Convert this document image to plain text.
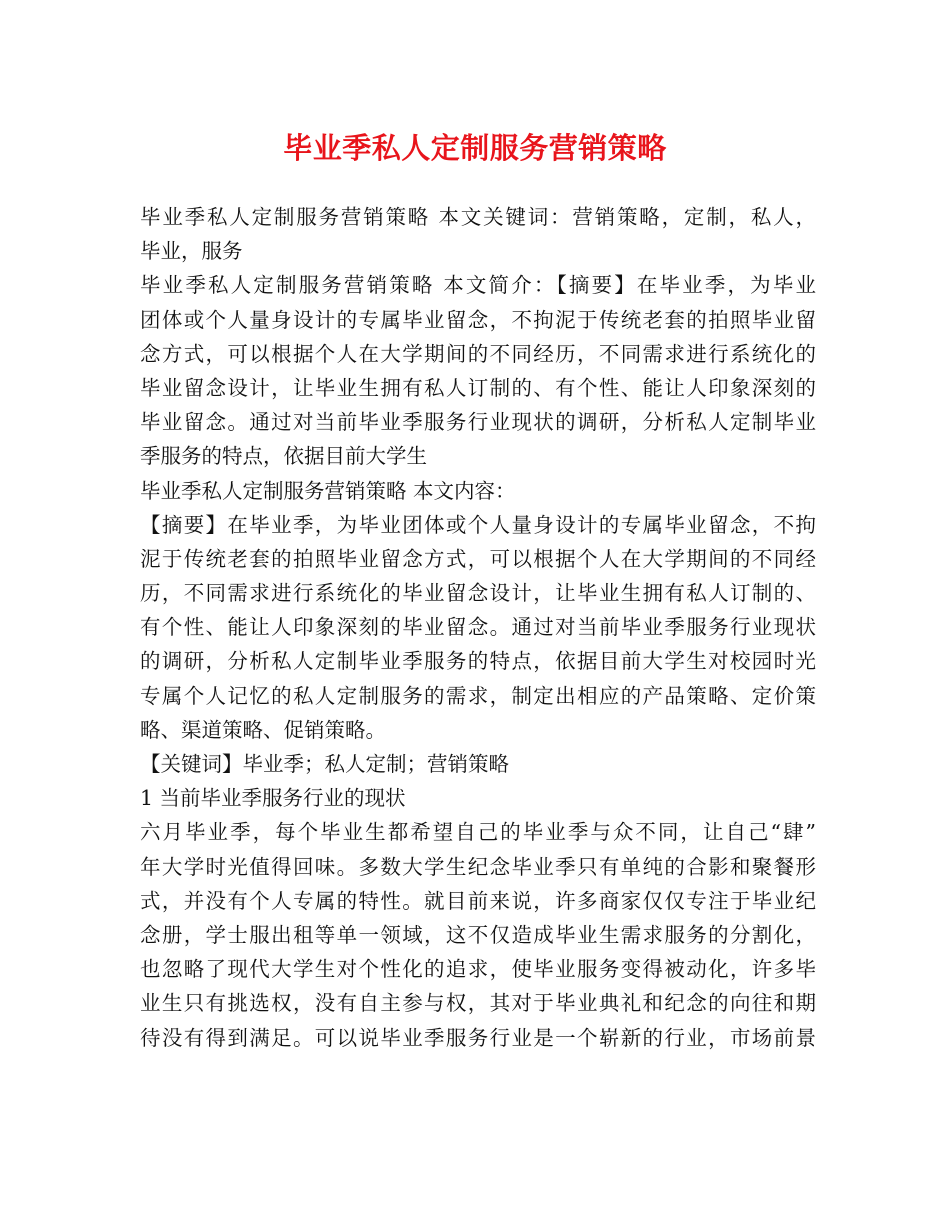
毕业季私人定制服务营销策略
毕业季私人定制服务营销策略 本文关键词：营销策略，定制，私人，
毕业，服务
毕业季私人定制服务营销策略 本文简介：【摘要】在毕业季，为毕业
团体或个人量身设计的专属毕业留念，不拘泥于传统老套的拍照毕业留
念方式，可以根据个人在大学期间的不同经历，不同需求进行系统化的
毕业留念设计，让毕业生拥有私人订制的、有个性、能让人印象深刻的
毕业留念。通过对当前毕业季服务行业现状的调研，分析私人定制毕业
季服务的特点，依据目前大学生
毕业季私人定制服务营销策略 本文内容：
【摘要】在毕业季，为毕业团体或个人量身设计的专属毕业留念，不拘
泥于传统老套的拍照毕业留念方式，可以根据个人在大学期间的不同经
历，不同需求进行系统化的毕业留念设计，让毕业生拥有私人订制的、
有个性、能让人印象深刻的毕业留念。通过对当前毕业季服务行业现状
的调研，分析私人定制毕业季服务的特点，依据目前大学生对校园时光
专属个人记忆的私人定制服务的需求，制定出相应的产品策略、定价策
略、渠道策略、促销策略。
【关键词】毕业季；私人定制；营销策略
1 当前毕业季服务行业的现状
六月毕业季，每个毕业生都希望自己的毕业季与众不同，让自己“肆”
年大学时光值得回味。多数大学生纪念毕业季只有单纯的合影和聚餐形
式，并没有个人专属的特性。就目前来说，许多商家仅仅专注于毕业纪
念册，学士服出租等单一领域，这不仅造成毕业生需求服务的分割化，
也忽略了现代大学生对个性化的追求，使毕业服务变得被动化，许多毕
业生只有挑选权，没有自主参与权，其对于毕业典礼和纪念的向往和期
待没有得到满足。可以说毕业季服务行业是一个崭新的行业，市场前景
